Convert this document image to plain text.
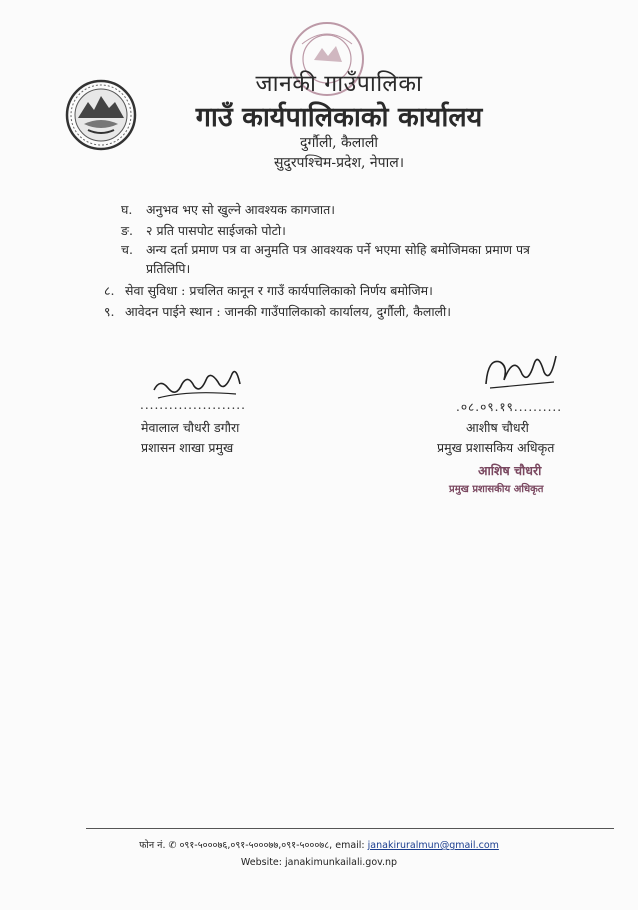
जानकी गाउँपालिका
गाउँ कार्यपालिकाको कार्यालय
दुर्गौली, कैलाली
सुदुरपश्चिम-प्रदेश, नेपाल।
घ. अनुभव भए सो खुल्ने आवश्यक कागजात।
ङ. २ प्रति पासपोट साईजको पोटो।
च. अन्य दर्ता प्रमाण पत्र वा अनुमति पत्र आवश्यक पर्ने भएमा सोहि बमोजिमका प्रमाण पत्र
प्रतिलिपि।
८. सेवा सुविधा : प्रचलित कानून र गाउँ कार्यपालिकाको निर्णय बमोजिम।
९. आवेदन पाईने स्थान : जानकी गाउँपालिकाको कार्यालय, दुर्गौली, कैलाली।
......................
मेवालाल चौधरी डगौरा
प्रशासन शाखा प्रमुख
.०८.०९.१९..........
आशीष चौधरी
प्रमुख प्रशासकिय अधिकृत
आशिष चौधरी
प्रमुख प्रशासकीय अधिकृत
फोन नं. ✆ ०९१-५०००७६,०९१-५०००७७,०९१-५०००७८, email: janakiruralmun@gmail.com
Website: janakimunkailali.gov.np
